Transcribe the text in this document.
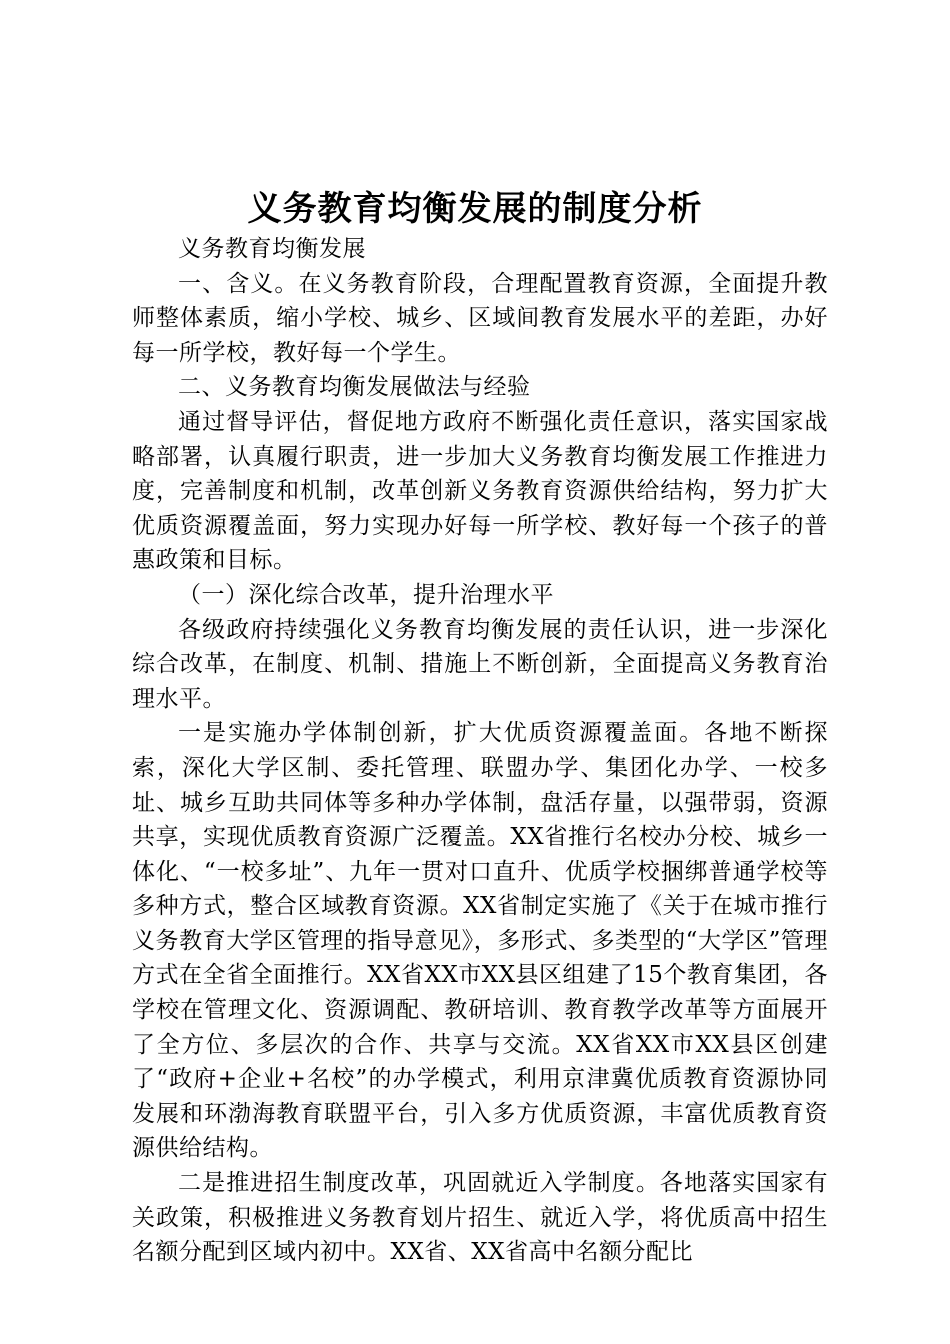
义务教育均衡发展的制度分析

义务教育均衡发展

一、含义。在义务教育阶段，合理配置教育资源，全面提升教师整体素质，缩小学校、城乡、区域间教育发展水平的差距，办好每一所学校，教好每一个学生。

二、义务教育均衡发展做法与经验

通过督导评估，督促地方政府不断强化责任意识，落实国家战略部署，认真履行职责，进一步加大义务教育均衡发展工作推进力度，完善制度和机制，改革创新义务教育资源供给结构，努力扩大优质资源覆盖面，努力实现办好每一所学校、教好每一个孩子的普惠政策和目标。

（一）深化综合改革，提升治理水平

各级政府持续强化义务教育均衡发展的责任认识，进一步深化综合改革，在制度、机制、措施上不断创新，全面提高义务教育治理水平。

一是实施办学体制创新，扩大优质资源覆盖面。各地不断探索，深化大学区制、委托管理、联盟办学、集团化办学、一校多址、城乡互助共同体等多种办学体制，盘活存量，以强带弱，资源共享，实现优质教育资源广泛覆盖。XX省推行名校办分校、城乡一体化、“一校多址”、九年一贯对口直升、优质学校捆绑普通学校等多种方式，整合区域教育资源。XX省制定实施了《关于在城市推行义务教育大学区管理的指导意见》，多形式、多类型的“大学区”管理方式在全省全面推行。XX省XX市XX县区组建了15个教育集团，各学校在管理文化、资源调配、教研培训、教育教学改革等方面展开了全方位、多层次的合作、共享与交流。XX省XX市XX县区创建了“政府+企业+名校”的办学模式，利用京津冀优质教育资源协同发展和环渤海教育联盟平台，引入多方优质资源，丰富优质教育资源供给结构。

二是推进招生制度改革，巩固就近入学制度。各地落实国家有关政策，积极推进义务教育划片招生、就近入学，将优质高中招生名额分配到区域内初中。XX省、XX省高中名额分配比
